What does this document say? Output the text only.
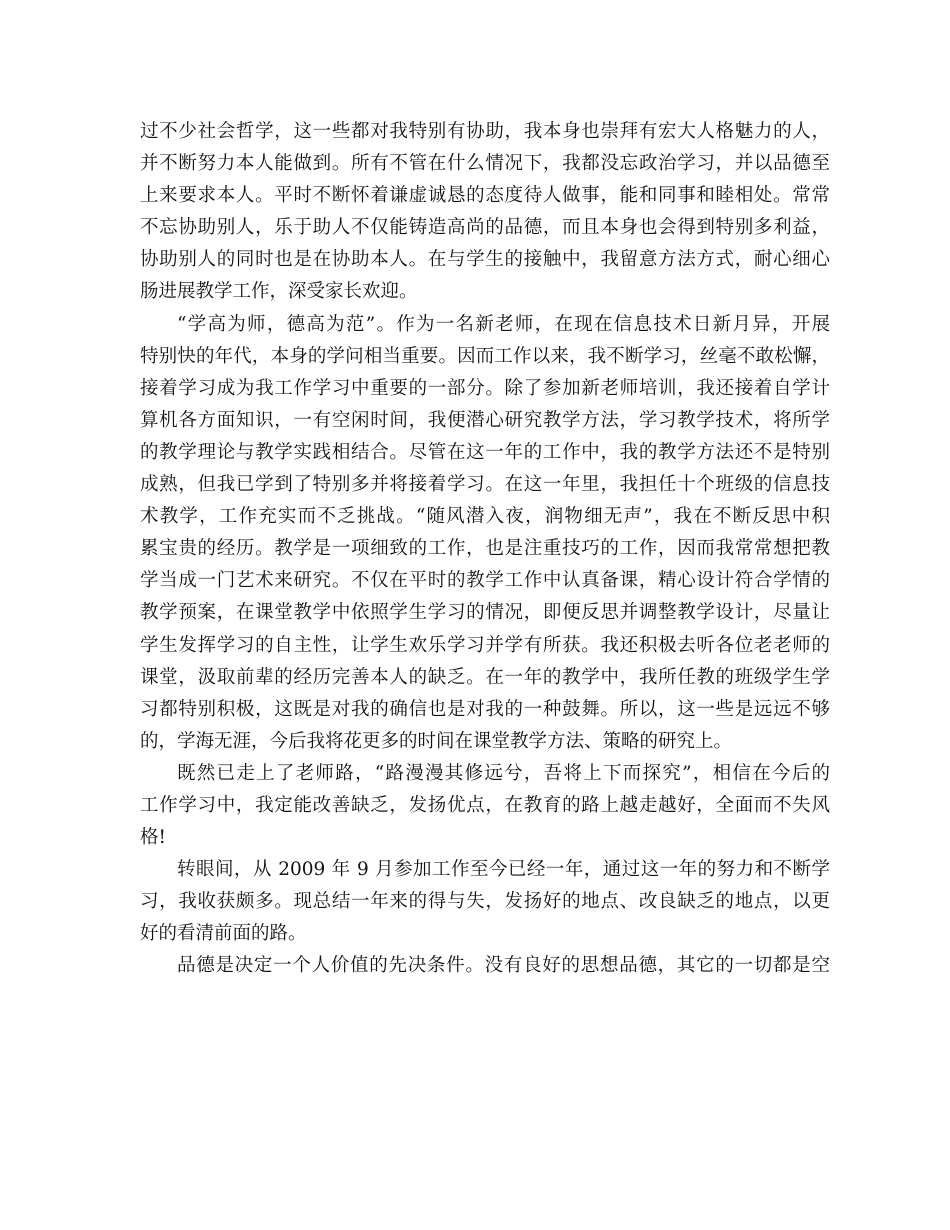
过不少社会哲学，这一些都对我特别有协助，我本身也崇拜有宏大人格魅力的人，
并不断努力本人能做到。所有不管在什么情况下，我都没忘政治学习，并以品德至
上来要求本人。平时不断怀着谦虚诚恳的态度待人做事，能和同事和睦相处。常常
不忘协助别人，乐于助人不仅能铸造高尚的品德，而且本身也会得到特别多利益，
协助别人的同时也是在协助本人。在与学生的接触中，我留意方法方式，耐心细心
肠进展教学工作，深受家长欢迎。
“学高为师，德高为范”。作为一名新老师，在现在信息技术日新月异，开展
特别快的年代，本身的学问相当重要。因而工作以来，我不断学习，丝毫不敢松懈，
接着学习成为我工作学习中重要的一部分。除了参加新老师培训，我还接着自学计
算机各方面知识，一有空闲时间，我便潜心研究教学方法，学习教学技术，将所学
的教学理论与教学实践相结合。尽管在这一年的工作中，我的教学方法还不是特别
成熟，但我已学到了特别多并将接着学习。在这一年里，我担任十个班级的信息技
术教学，工作充实而不乏挑战。“随风潜入夜，润物细无声”，我在不断反思中积
累宝贵的经历。教学是一项细致的工作，也是注重技巧的工作，因而我常常想把教
学当成一门艺术来研究。不仅在平时的教学工作中认真备课，精心设计符合学情的
教学预案，在课堂教学中依照学生学习的情况，即便反思并调整教学设计，尽量让
学生发挥学习的自主性，让学生欢乐学习并学有所获。我还积极去听各位老老师的
课堂，汲取前辈的经历完善本人的缺乏。在一年的教学中，我所任教的班级学生学
习都特别积极，这既是对我的确信也是对我的一种鼓舞。所以，这一些是远远不够
的，学海无涯，今后我将花更多的时间在课堂教学方法、策略的研究上。
既然已走上了老师路，“路漫漫其修远兮，吾将上下而探究”，相信在今后的
工作学习中，我定能改善缺乏，发扬优点，在教育的路上越走越好，全面而不失风
格!
转眼间，从 2009 年 9 月参加工作至今已经一年，通过这一年的努力和不断学
习，我收获颇多。现总结一年来的得与失，发扬好的地点、改良缺乏的地点，以更
好的看清前面的路。
品德是决定一个人价值的先决条件。没有良好的思想品德，其它的一切都是空
